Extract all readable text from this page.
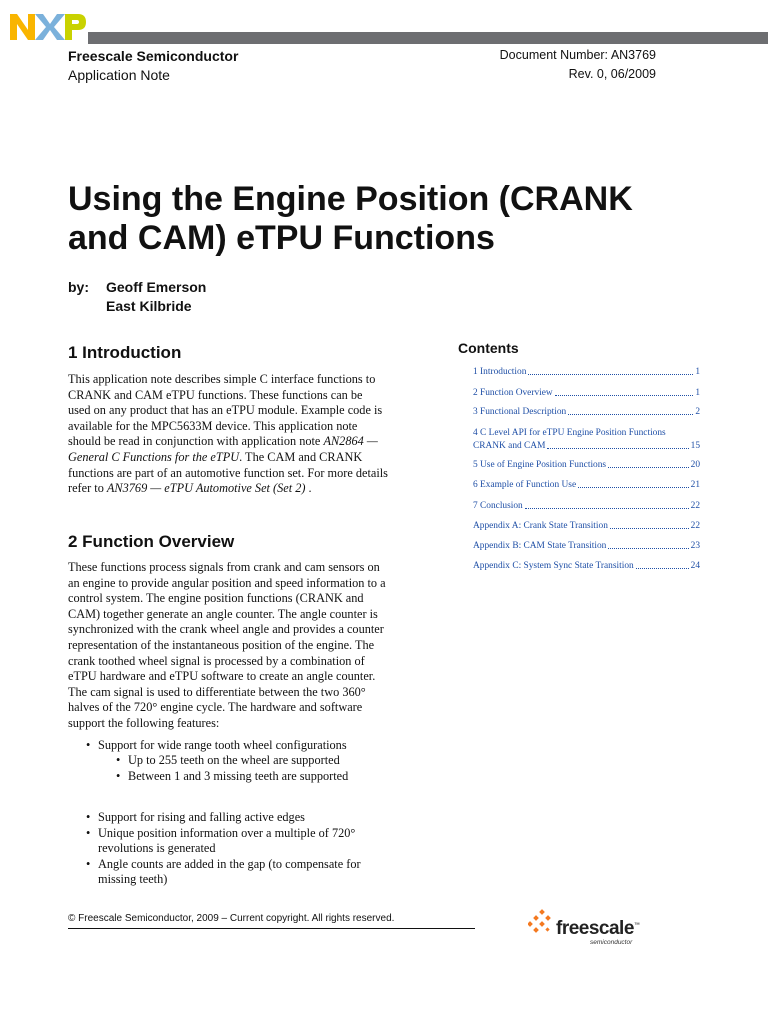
Freescale Semiconductor
Application Note
Document Number: AN3769
Rev. 0, 06/2009
Using the Engine Position (CRANK
and CAM) eTPU Functions
by: Geoff Emerson
East Kilbride
1 Introduction

This application note describes simple C interface functions to CRANK and CAM eTPU functions. These functions can be used on any product that has an eTPU module. Example code is available for the MPC5633M device. This application note should be read in conjunction with application note AN2864 — General C Functions for the eTPU. The CAM and CRANK functions are part of an automotive function set. For more details refer to AN3769 — eTPU Automotive Set (Set 2) .

2 Function Overview

These functions process signals from crank and cam sensors on an engine to provide angular position and speed information to a control system. The engine position functions (CRANK and CAM) together generate an angle counter. The angle counter is synchronized with the crank wheel angle and provides a counter representation of the instantaneous position of the engine. The crank toothed wheel signal is processed by a combination of eTPU hardware and eTPU software to create an angle counter. The cam signal is used to differentiate between the two 360° halves of the 720° engine cycle. The hardware and software support the following features:

• Support for wide range tooth wheel configurations
• Up to 255 teeth on the wheel are supported
• Between 1 and 3 missing teeth are supported
• Support for rising and falling active edges
• Unique position information over a multiple of 720° revolutions is generated
• Angle counts are added in the gap (to compensate for missing teeth)
Contents
1 Introduction	1
2 Function Overview	1
3 Functional Description	2
4 C Level API for eTPU Engine Position Functions
CRANK and CAM	15
5 Use of Engine Position Functions	20
6 Example of Function Use	21
7 Conclusion	22
Appendix A: Crank State Transition	22
Appendix B: CAM State Transition	23
Appendix C: System Sync State Transition	24
© Freescale Semiconductor, 2009 – Current copyright. All rights reserved.	freescale™
semiconductor
